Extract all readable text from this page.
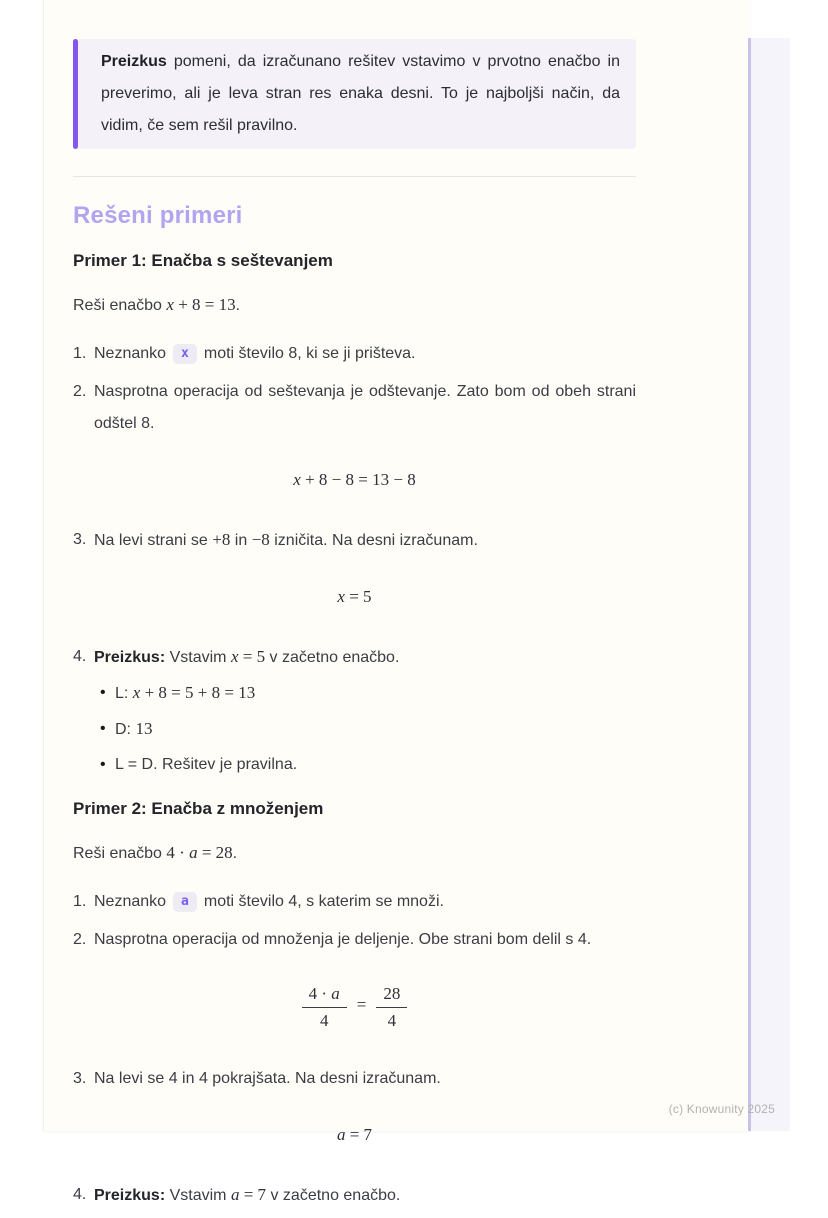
Preizkus pomeni, da izračunano rešitev vstavimo v prvotno enačbo in preverimo, ali je leva stran res enaka desni. To je najboljši način, da vidim, če sem rešil pravilno.

Rešeni primeri
Primer 1: Enačba s seštevanjem

Reši enačbo x + 8 = 13.

1. Neznanko x moti število 8, ki se ji prišteva.
2. Nasprotna operacija od seštevanja je odštevanje. Zato bom od obeh strani odštel 8.
x + 8 − 8 = 13 − 8
3. Na levi strani se +8 in −8 izničita. Na desni izračunam.
x = 5
4. Preizkus: Vstavim x = 5 v začetno enačbo.
• L: x + 8 = 5 + 8 = 13
• D: 13
• L = D. Rešitev je pravilna.
Primer 2: Enačba z množenjem

Reši enačbo 4 · a = 28.

1. Neznanko a moti število 4, s katerim se množi.
2. Nasprotna operacija od množenja je deljenje. Obe strani bom delil s 4.
$\frac{4 \cdot a}{4} = \frac{28}{4}$
3. Na levi se 4 in 4 pokrajšata. Na desni izračunam.
a = 7
4. Preizkus: Vstavim a = 7 v začetno enačbo.
(c) Knowunity 2025
